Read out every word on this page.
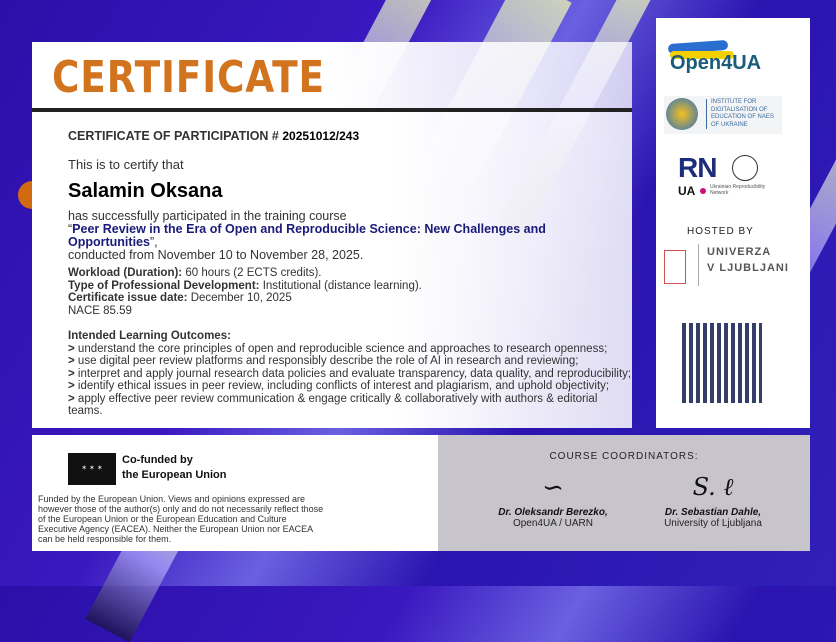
CERTIFICATE
CERTIFICATE OF PARTICIPATION # 20251012/243
This is to certify that
Salamin Oksana
has successfully participated in the training course
“Peer Review in the Era of Open and Reproducible Science: New Challenges and Opportunities”,
conducted from November 10 to November 28, 2025.
Workload (Duration): 60 hours (2 ECTS credits).
Type of Professional Development: Institutional (distance learning).
Certificate issue date: December 10, 2025
NACE 85.59
Intended Learning Outcomes:
> understand the core principles of open and reproducible science and approaches to research openness;
> use digital peer review platforms and responsibly describe the role of AI in research and reviewing;
> interpret and apply journal research data policies and evaluate transparency, data quality, and reproducibility;
> identify ethical issues in peer review, including conflicts of interest and plagiarism, and uphold objectivity;
> apply effective peer review communication & engage critically & collaboratively with authors & editorial teams.
Open4UA
INSTITUTE FOR DIGITALISATION OF EDUCATION OF NAES OF UKRAINE
RN
UA	Ukrainian Reproducibility Network
HOSTED BY
UNIVERZA
V LJUBLJANI
✶ ✶ ✶
Co-funded by
the European Union
Funded by the European Union. Views and opinions expressed are however those of the author(s) only and do not necessarily reflect those of the European Union or the European Education and Culture Executive Agency (EACEA). Neither the European Union nor EACEA can be held responsible for them.
COURSE COORDINATORS:
∽
Dr. Oleksandr Berezko,
Open4UA / UARN
S. ℓ
Dr. Sebastian Dahle,
University of Ljubljana
